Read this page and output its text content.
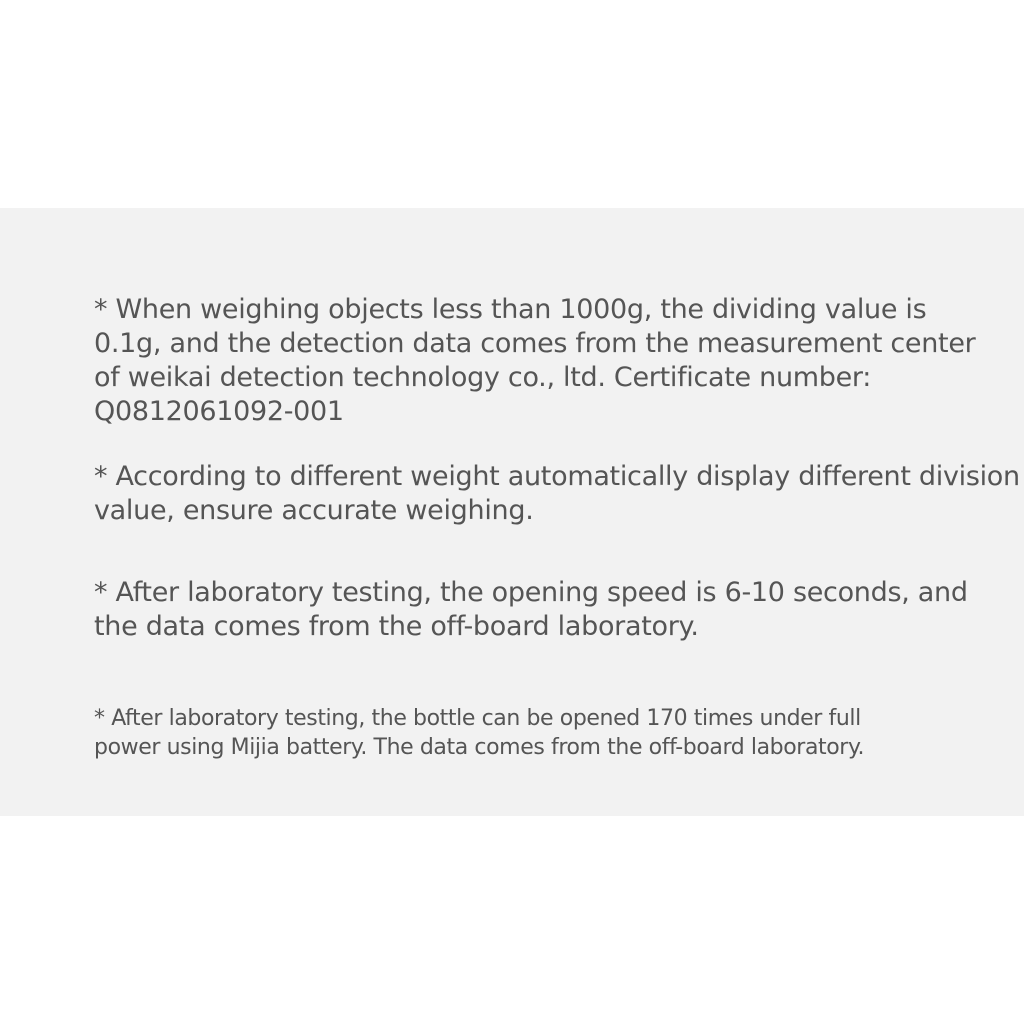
* When weighing objects less than 1000g, the dividing value is 0.1g, and the detection data comes from the measurement center of weikai detection technology co., ltd. Certificate number: Q0812061092-001

* According to different weight automatically display different division value, ensure accurate weighing.

* After laboratory testing, the opening speed is 6-10 seconds, and the data comes from the off-board laboratory.

* After laboratory testing, the bottle can be opened 170 times under full power using Mijia battery. The data comes from the off-board laboratory.
